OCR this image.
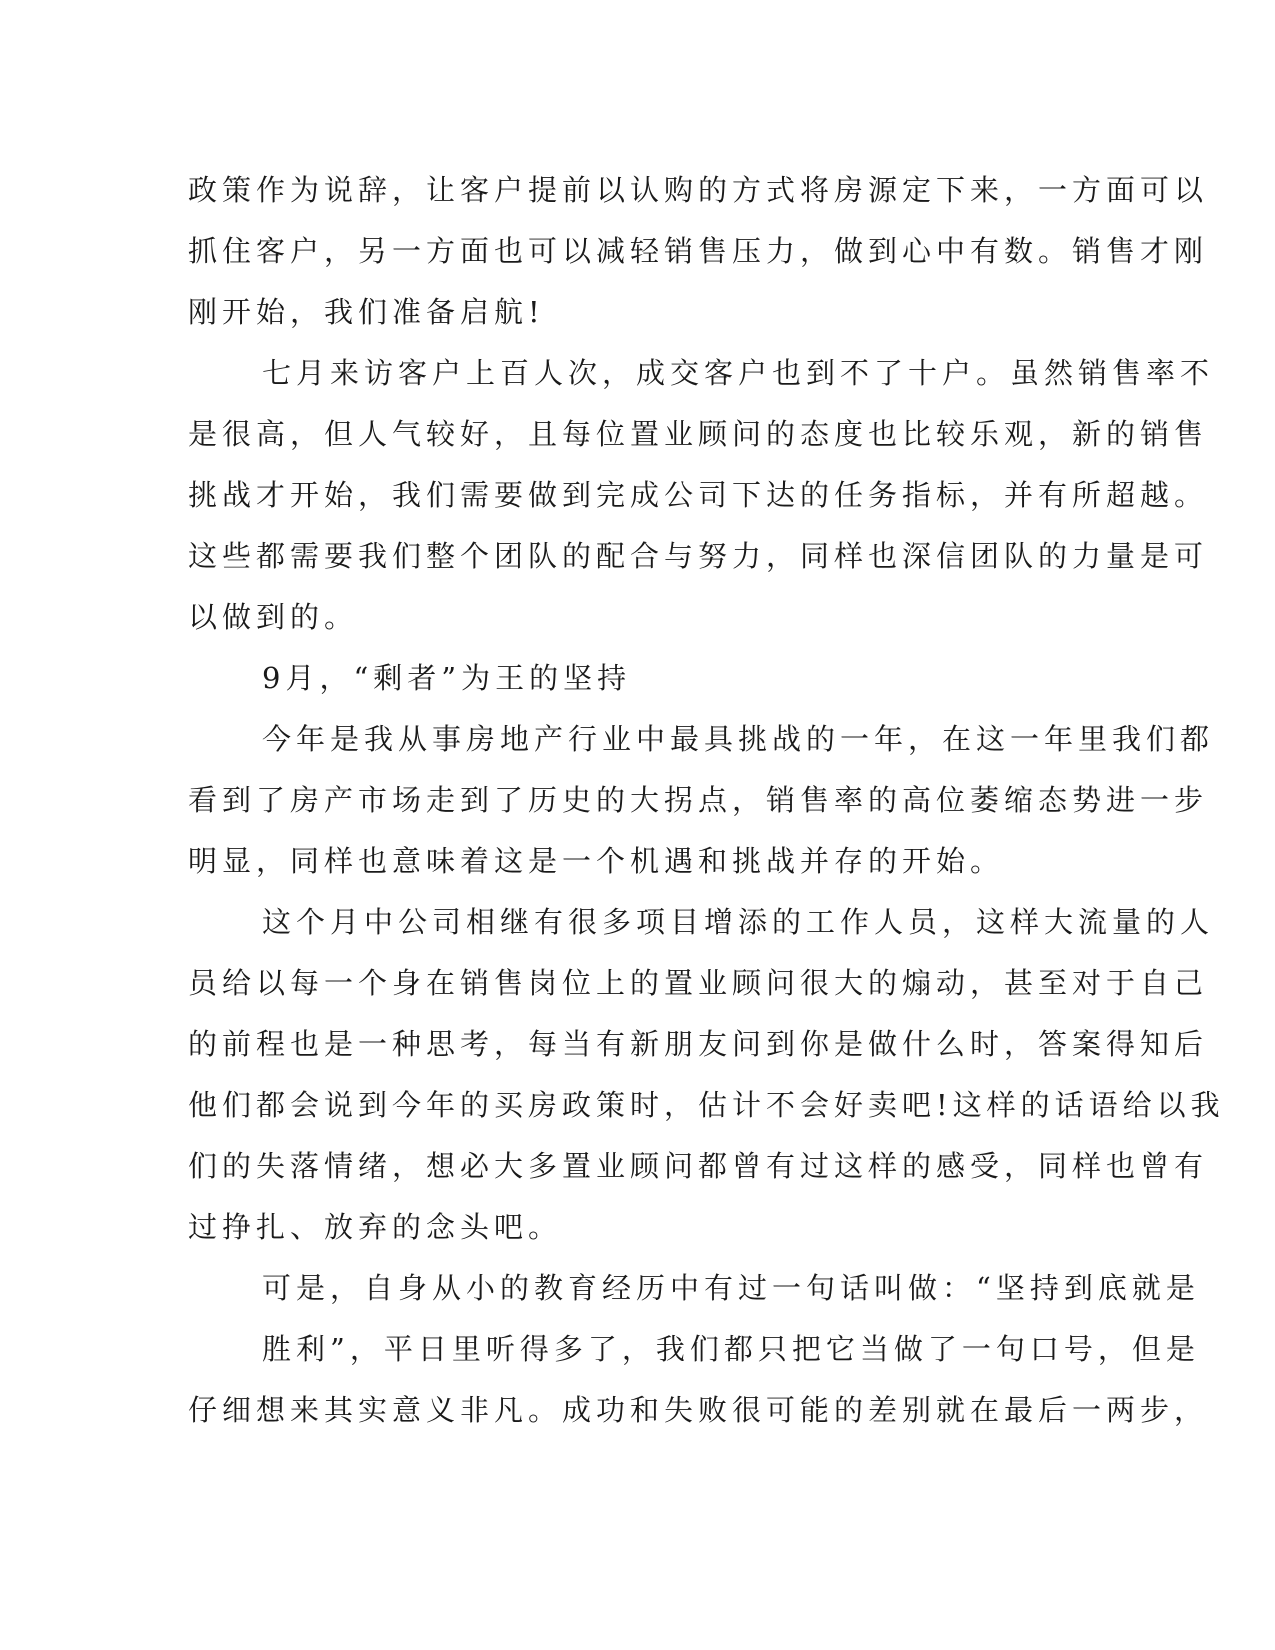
政策作为说辞，让客户提前以认购的方式将房源定下来，一方面可以
抓住客户，另一方面也可以减轻销售压力，做到心中有数。销售才刚
刚开始，我们准备启航!
七月来访客户上百人次，成交客户也到不了十户。虽然销售率不
是很高，但人气较好，且每位置业顾问的态度也比较乐观，新的销售
挑战才开始，我们需要做到完成公司下达的任务指标，并有所超越。
这些都需要我们整个团队的配合与努力，同样也深信团队的力量是可
以做到的。
9月，“剩者”为王的坚持
今年是我从事房地产行业中最具挑战的一年，在这一年里我们都
看到了房产市场走到了历史的大拐点，销售率的高位萎缩态势进一步
明显，同样也意味着这是一个机遇和挑战并存的开始。
这个月中公司相继有很多项目增添的工作人员，这样大流量的人
员给以每一个身在销售岗位上的置业顾问很大的煽动，甚至对于自己
的前程也是一种思考，每当有新朋友问到你是做什么时，答案得知后
他们都会说到今年的买房政策时，估计不会好卖吧!这样的话语给以我
们的失落情绪，想必大多置业顾问都曾有过这样的感受，同样也曾有
过挣扎、放弃的念头吧。
可是，自身从小的教育经历中有过一句话叫做：“坚持到底就是
胜利”，平日里听得多了，我们都只把它当做了一句口号，但是
仔细想来其实意义非凡。成功和失败很可能的差别就在最后一两步，
